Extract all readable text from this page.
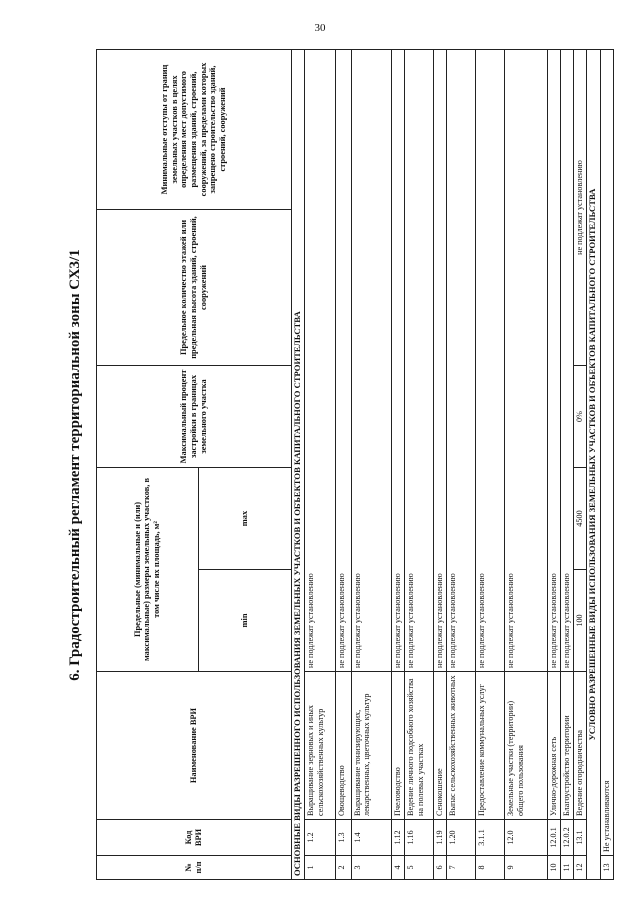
30
6. Градостроительный регламент территориальной зоны СХ3/1
№ п/п	Код ВРИ	Наименование ВРИ	Предельные (минимальные и (или) максимальные) размеры земельных участков, в том числе их площадь, м²		Максимальный процент застройки в границах земельного участка	Предельное количество этажей или предельная высота зданий, строений, сооружений	Минимальные отступы от границ земельных участков в целях определения мест допустимого размещения зданий, строений, сооружений, за пределами которых запрещено строительство зданий, строений, сооружений
			min	max			
ОСНОВНЫЕ ВИДЫ РАЗРЕШЕННОГО ИСПОЛЬЗОВАНИЯ ЗЕМЕЛЬНЫХ УЧАСТКОВ И ОБЪЕКТОВ КАПИТАЛЬНОГО СТРОИТЕЛЬСТВА							
1	1.2	Выращивание зерновых и иных сельскохозяйственных культур	не подлежат установлению				
2	1.3	Овощеводство	не подлежат установлению				
3	1.4	Выращивание тонизирующих, лекарственных, цветочных культур	не подлежат установлению				
4	1.12	Пчеловодство	не подлежат установлению				
5	1.16	Ведение личного подсобного хозяйства на полевых участках	не подлежат установлению				
6	1.19	Сенокошение	не подлежат установлению				
7	1.20	Выпас сельскохозяйственных животных	не подлежат установлению				
8	3.1.1	Предоставление коммунальных услуг	не подлежат установлению				
9	12.0	Земельные участки (территории) общего пользования	не подлежат установлению				
10	12.0.1	Улично-дорожная сеть	не подлежат установлению				
11	12.0.2	Благоустройство территории	не подлежат установлению				
12	13.1	Ведение огородничества	100	4500	0%	не подлежат установлению	
УСЛОВНО РАЗРЕШЕННЫЕ ВИДЫ ИСПОЛЬЗОВАНИЯ ЗЕМЕЛЬНЫХ УЧАСТКОВ И ОБЪЕКТОВ КАПИТАЛЬНОГО СТРОИТЕЛЬСТВА							
13	Не устанавливаются						
